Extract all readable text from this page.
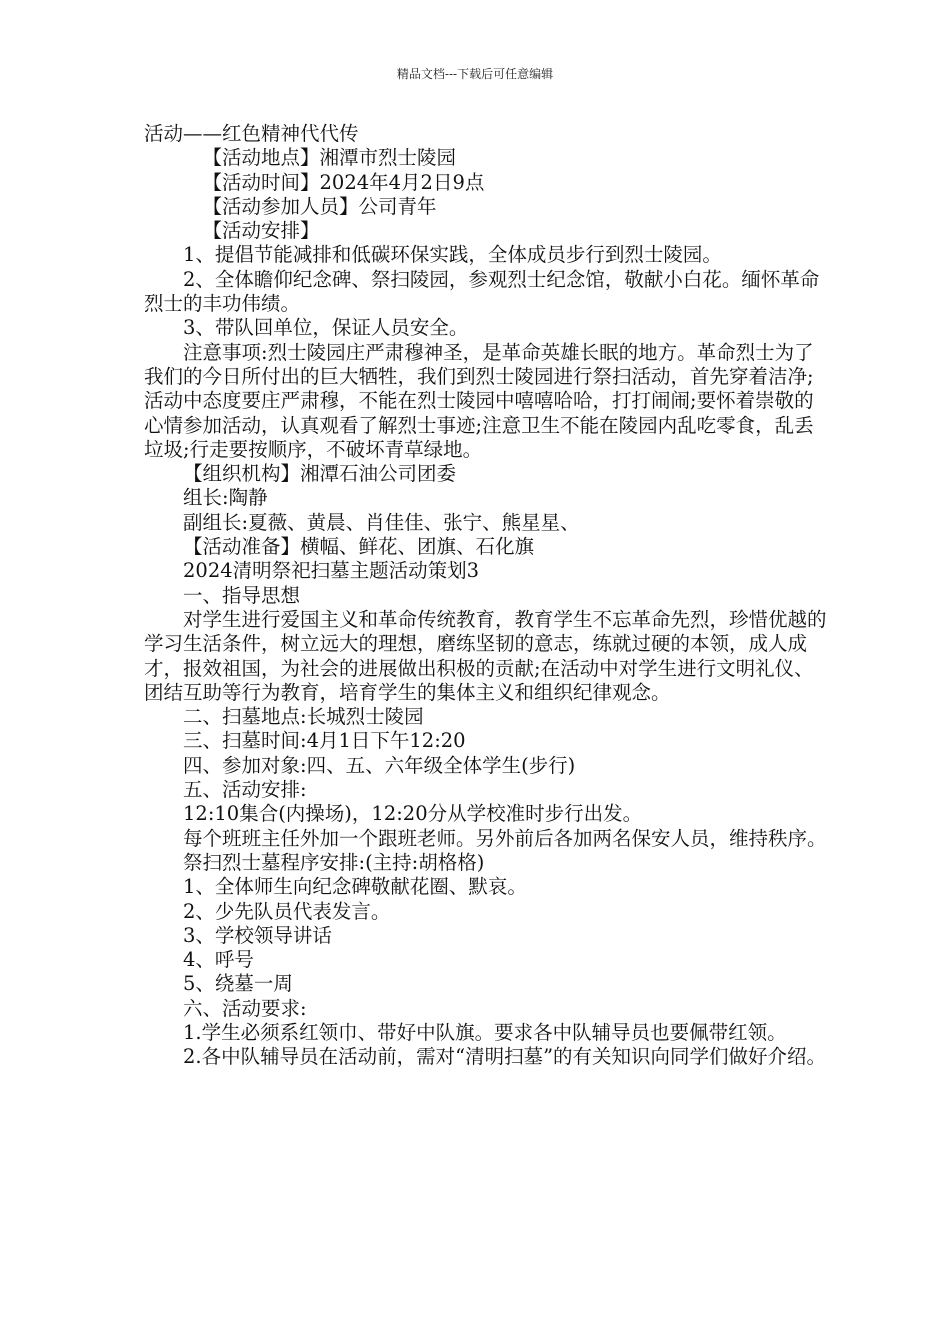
精品文档---下载后可任意编辑

活动——红色精神代代传

【活动地点】湘潭市烈士陵园

【活动时间】2024年4月2日9点

【活动参加人员】公司青年

【活动安排】

1、提倡节能减排和低碳环保实践，全体成员步行到烈士陵园。

2、全体瞻仰纪念碑、祭扫陵园，参观烈士纪念馆，敬献小白花。缅怀革命烈士的丰功伟绩。

3、带队回单位，保证人员安全。

注意事项:烈士陵园庄严肃穆神圣，是革命英雄长眠的地方。革命烈士为了我们的今日所付出的巨大牺牲，我们到烈士陵园进行祭扫活动，首先穿着洁净;活动中态度要庄严肃穆，不能在烈士陵园中嘻嘻哈哈，打打闹闹;要怀着崇敬的心情参加活动，认真观看了解烈士事迹;注意卫生不能在陵园内乱吃零食，乱丢垃圾;行走要按顺序，不破坏青草绿地。

【组织机构】湘潭石油公司团委

组长:陶静

副组长:夏薇、黄晨、肖佳佳、张宁、熊星星、

【活动准备】横幅、鲜花、团旗、石化旗

2024清明祭祀扫墓主题活动策划3

一、指导思想

对学生进行爱国主义和革命传统教育，教育学生不忘革命先烈，珍惜优越的学习生活条件，树立远大的理想，磨练坚韧的意志，练就过硬的本领，成人成才，报效祖国，为社会的进展做出积极的贡献;在活动中对学生进行文明礼仪、团结互助等行为教育，培育学生的集体主义和组织纪律观念。

二、扫墓地点:长城烈士陵园

三、扫墓时间:4月1日下午12:20

四、参加对象:四、五、六年级全体学生(步行)

五、活动安排:

12:10集合(内操场)，12:20分从学校准时步行出发。

每个班班主任外加一个跟班老师。另外前后各加两名保安人员，维持秩序。

祭扫烈士墓程序安排:(主持:胡格格)

1、全体师生向纪念碑敬献花圈、默哀。

2、少先队员代表发言。

3、学校领导讲话

4、呼号

5、绕墓一周

六、活动要求:

1.学生必须系红领巾、带好中队旗。要求各中队辅导员也要佩带红领。

2.各中队辅导员在活动前，需对“清明扫墓”的有关知识向同学们做好介绍。
